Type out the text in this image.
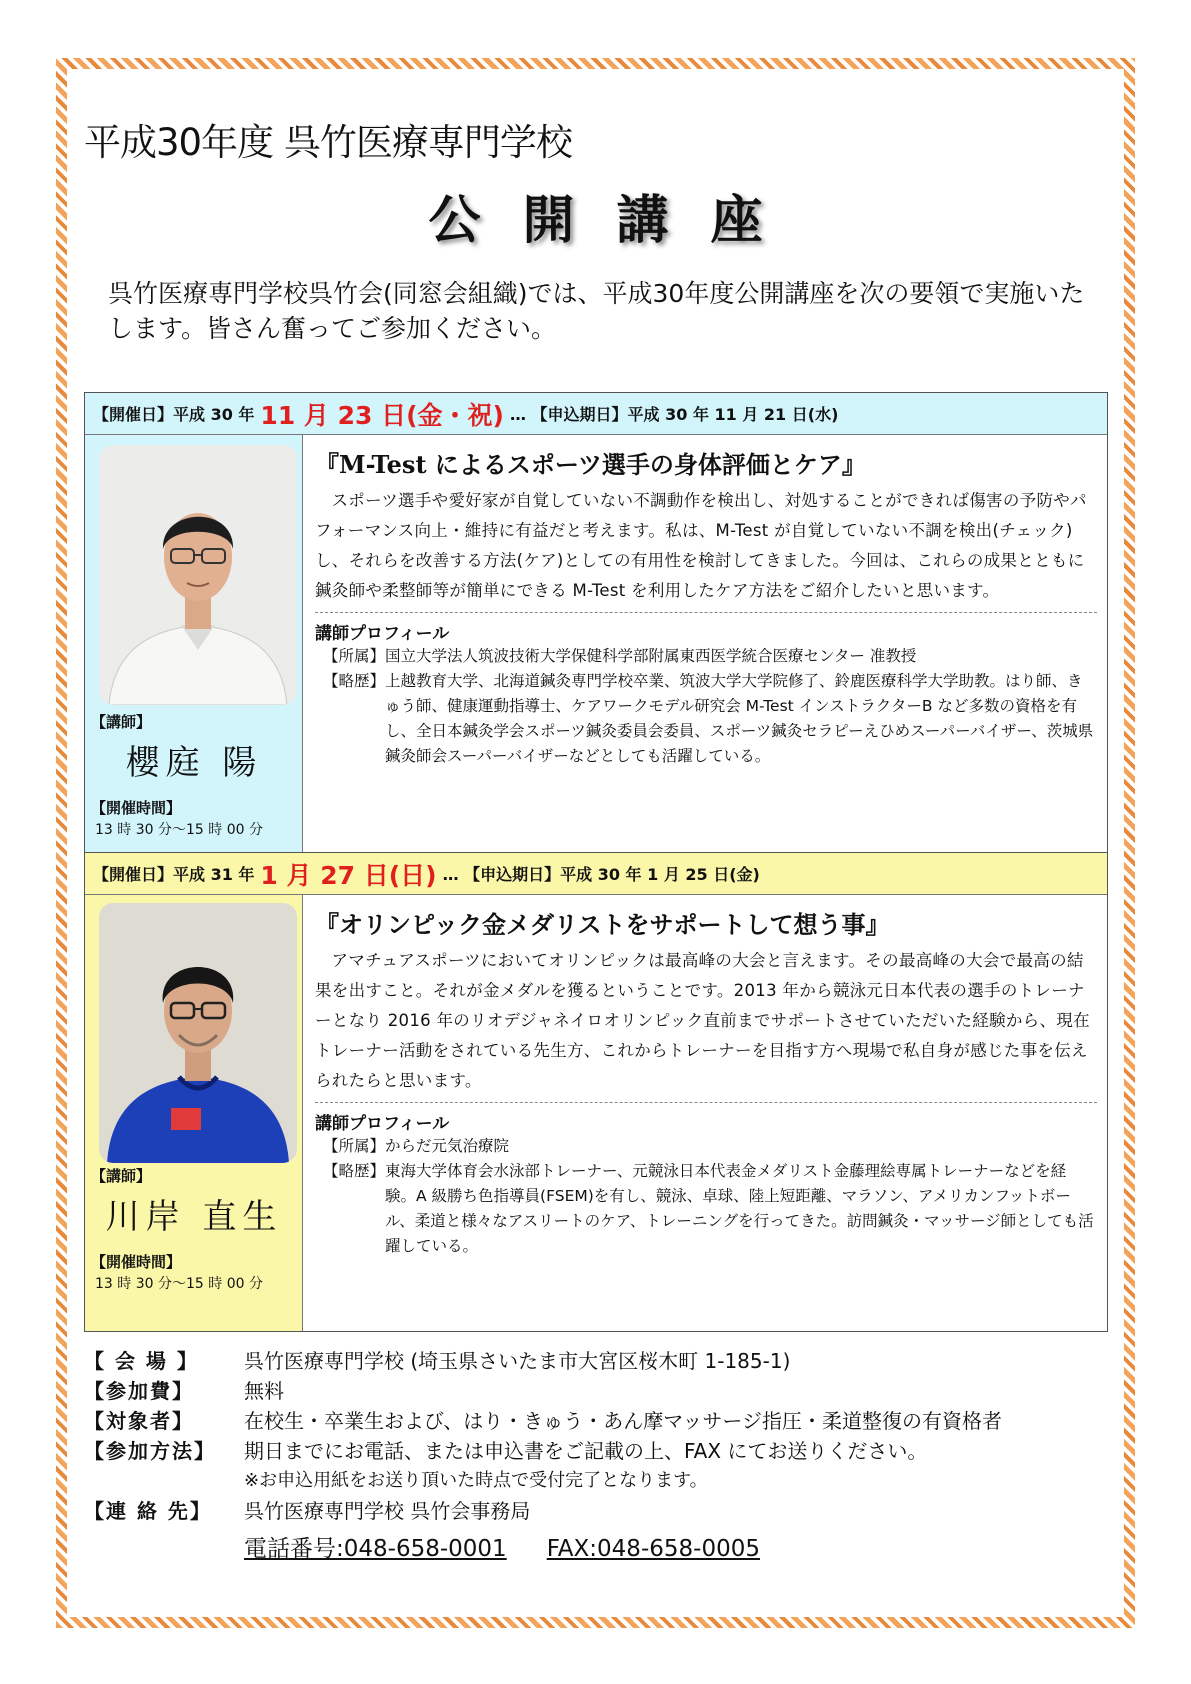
平成30年度 呉竹医療専門学校
公開講座
呉竹医療専門学校呉竹会(同窓会組織)では、平成30年度公開講座を次の要領で実施いたします。皆さん奮ってご参加ください。
【開催日】平成 30 年 11 月 23 日(金・祝) … 【申込期日】平成 30 年 11 月 21 日(水)
【講師】
櫻庭 陽
【開催時間】
13 時 30 分～15 時 00 分
『M-Test によるスポーツ選手の身体評価とケア』
スポーツ選手や愛好家が自覚していない不調動作を検出し、対処することができれば傷害の予防やパフォーマンス向上・維持に有益だと考えます。私は、M-Test が自覚していない不調を検出(チェック)し、それらを改善する方法(ケア)としての有用性を検討してきました。今回は、これらの成果とともに鍼灸師や柔整師等が簡単にできる M-Test を利用したケア方法をご紹介したいと思います。
講師プロフィール
【所属】 国立大学法人筑波技術大学保健科学部附属東西医学統合医療センター 准教授
【略歴】 上越教育大学、北海道鍼灸専門学校卒業、筑波大学大学院修了、鈴鹿医療科学大学助教。はり師、きゅう師、健康運動指導士、ケアワークモデル研究会 M-Test インストラクターB など多数の資格を有し、全日本鍼灸学会スポーツ鍼灸委員会委員、スポーツ鍼灸セラピーえひめスーパーバイザー、茨城県鍼灸師会スーパーバイザーなどとしても活躍している。
【開催日】平成 31 年 1 月 27 日(日) … 【申込期日】平成 30 年 1 月 25 日(金)
【講師】
川岸 直生
【開催時間】
13 時 30 分～15 時 00 分
『オリンピック金メダリストをサポートして想う事』
アマチュアスポーツにおいてオリンピックは最高峰の大会と言えます。その最高峰の大会で最高の結果を出すこと。それが金メダルを獲るということです。2013 年から競泳元日本代表の選手のトレーナーとなり 2016 年のリオデジャネイロオリンピック直前までサポートさせていただいた経験から、現在トレーナー活動をされている先生方、これからトレーナーを目指す方へ現場で私自身が感じた事を伝えられたらと思います。
講師プロフィール
【所属】 からだ元気治療院
【略歴】 東海大学体育会水泳部トレーナー、元競泳日本代表金メダリスト金藤理絵専属トレーナーなどを経験。A 級勝ち色指導員(FSEM)を有し、競泳、卓球、陸上短距離、マラソン、アメリカンフットボール、柔道と様々なアスリートのケア、トレーニングを行ってきた。訪問鍼灸・マッサージ師としても活躍している。
【 会 場 】	呉竹医療専門学校 (埼玉県さいたま市大宮区桜木町 1-185-1)
【参加費】	無料
【対象者】	在校生・卒業生および、はり・きゅう・あん摩マッサージ指圧・柔道整復の有資格者
【参加方法】	期日までにお電話、または申込書をご記載の上、FAX にてお送りください。
※お申込用紙をお送り頂いた時点で受付完了となります。
【連 絡 先】	呉竹医療専門学校 呉竹会事務局
電話番号:048-658-0001 FAX:048-658-0005
